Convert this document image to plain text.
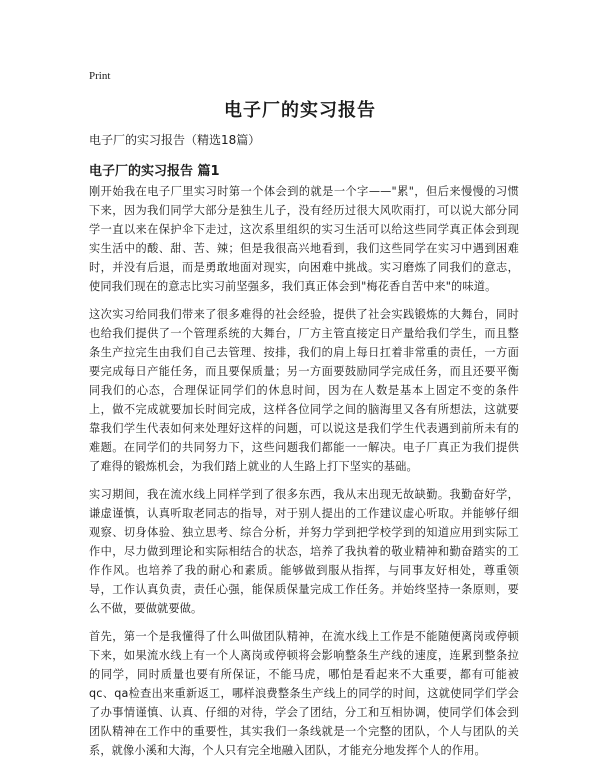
Print
电子厂的实习报告
电子厂的实习报告（精选18篇）
电子厂的实习报告 篇1

刚开始我在电子厂里实习时第一个体会到的就是一个字——"累"，但后来慢慢的习惯下来，因为我们同学大部分是独生儿子，没有经历过很大风吹雨打，可以说大部分同学一直以来在保护伞下走过，这次系里组织的实习生活可以给这些同学真正体会到现实生活中的酸、甜、苦、辣；但是我很高兴地看到，我们这些同学在实习中遇到困难时，并没有后退，而是勇敢地面对现实，向困难中挑战。实习磨炼了同我们的意志，使同我们现在的意志比实习前坚强多，我们真正体会到"梅花香自苦中来"的味道。

这次实习给同我们带来了很多难得的社会经验，提供了社会实践锻炼的大舞台，同时也给我们提供了一个管理系统的大舞台，厂方主管直接定日产量给我们学生，而且整条生产拉完生由我们自己去管理、按排，我们的肩上每日扛着非常重的责任，一方面要完成每日产能任务，而且要保质量；另一方面要鼓励同学完成任务，而且还要平衡同我们的心态，合理保证同学们的休息时间，因为在人数是基本上固定不变的条件上，做不完成就要加长时间完成，这样各位同学之间的脑海里又各有所想法，这就要靠我们学生代表如何来处理好这样的问题，可以说这是我们学生代表遇到前所未有的难题。在同学们的共同努力下，这些问题我们都能一一解决。电子厂真正为我们提供了难得的锻炼机会，为我们踏上就业的人生路上打下坚实的基础。

实习期间，我在流水线上同样学到了很多东西，我从末出现无故缺勤。我勤奋好学，谦虚谨慎，认真听取老同志的指导，对于别人提出的工作建议虚心听取。并能够仔细观察、切身体验、独立思考、综合分析，并努力学到把学校学到的知道应用到实际工作中，尽力做到理论和实际相结合的状态，培养了我执着的敬业精神和勤奋踏实的工作作风。也培养了我的耐心和素质。能够做到服从指挥，与同事友好相处，尊重领导，工作认真负责，责任心强，能保质保量完成工作任务。并始终坚持一条原则，要么不做，要做就要做。

首先，第一个是我懂得了什么叫做团队精神，在流水线上工作是不能随便离岗或停顿下来，如果流水线上有一个人离岗或停顿将会影响整条生产线的速度，连累到整条拉的同学，同时质量也要有所保证，不能马虎，哪怕是看起来不大重要，都有可能被qc、qa检查出来重新返工，哪样浪费整条生产线上的同学的时间，这就使同学们学会了办事情谨慎、认真、仔细的对待，学会了团结，分工和互相协调，使同学们体会到团队精神在工作中的重要性，其实我们一条线就是一个完整的团队，个人与团队的关系，就像小溪和大海，个人只有完全地融入团队，才能充分地发挥个人的作用。
